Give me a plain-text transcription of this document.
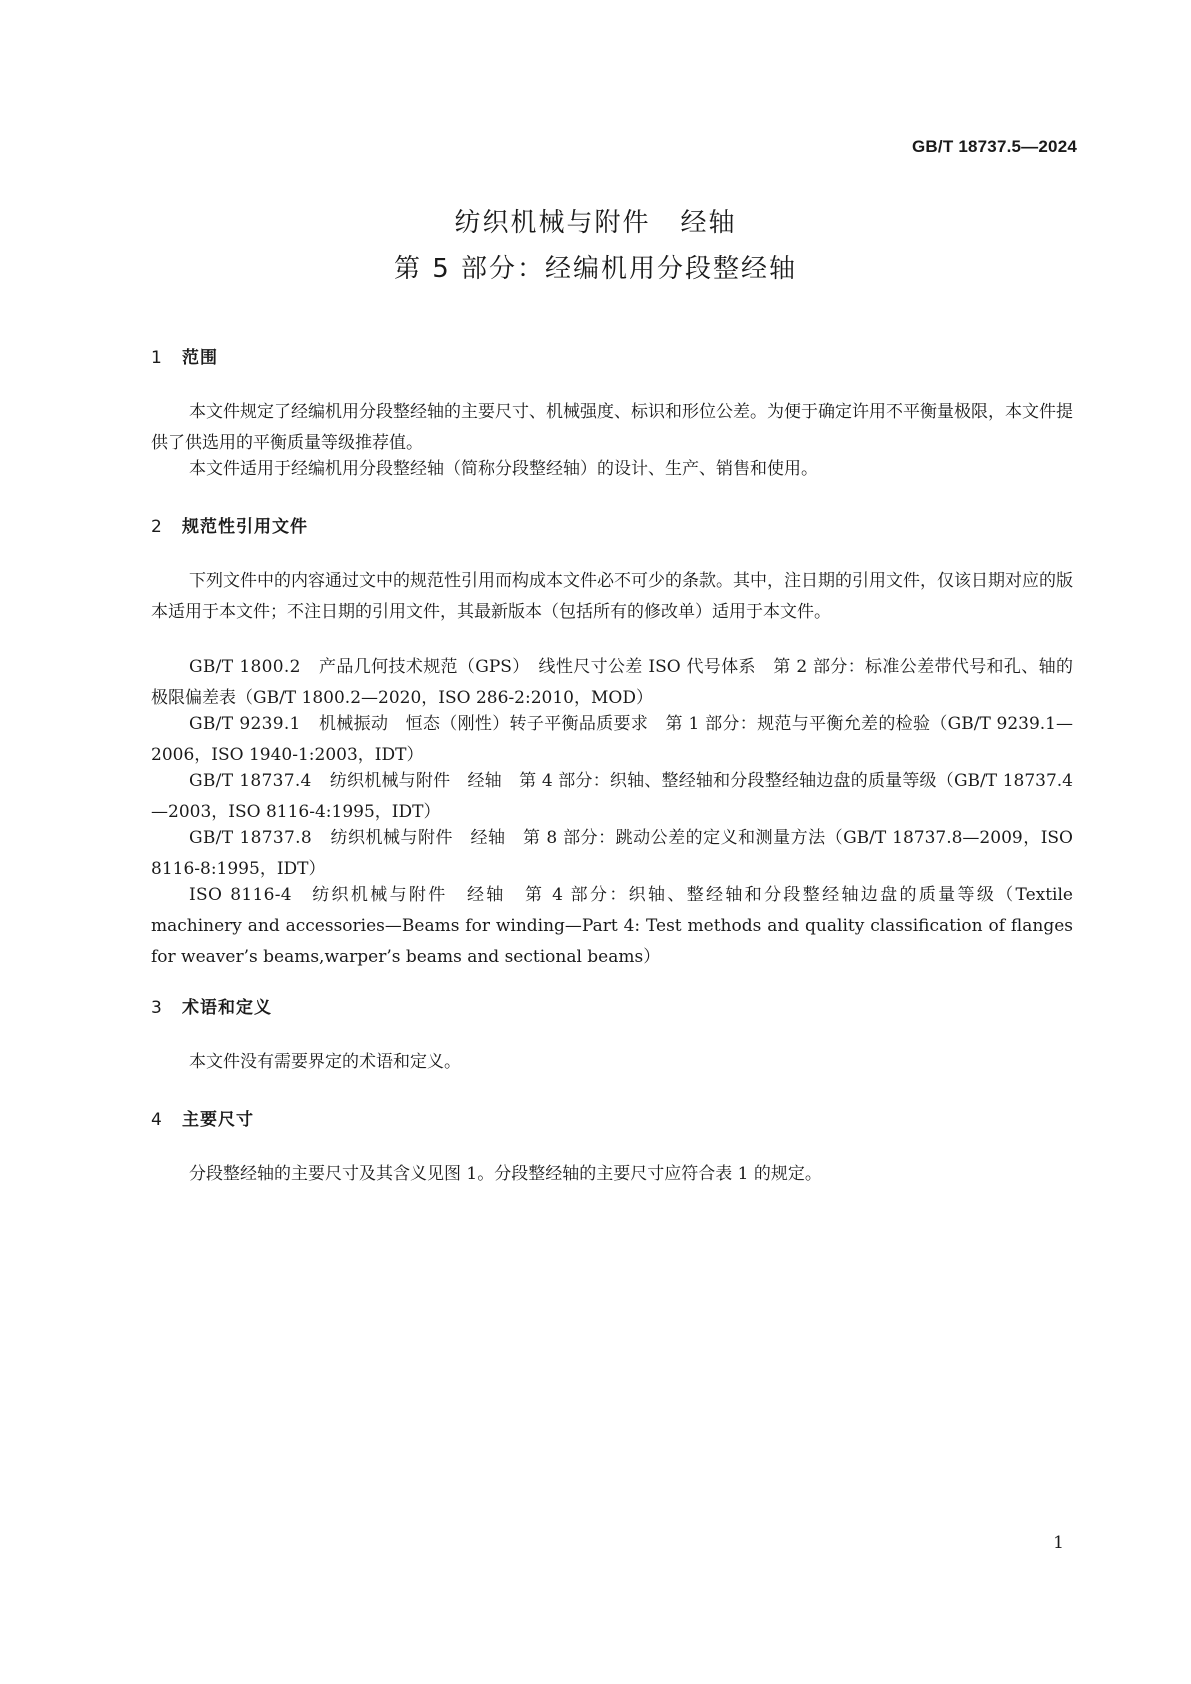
GB/T 18737.5—2024
纺织机械与附件 经轴
第 5 部分：经编机用分段整经轴
1 范围
本文件规定了经编机用分段整经轴的主要尺寸、机械强度、标识和形位公差。为便于确定许用不平衡量极限，本文件提供了供选用的平衡质量等级推荐值。
本文件适用于经编机用分段整经轴（简称分段整经轴）的设计、生产、销售和使用。
2 规范性引用文件
下列文件中的内容通过文中的规范性引用而构成本文件必不可少的条款。其中，注日期的引用文件，仅该日期对应的版本适用于本文件；不注日期的引用文件，其最新版本（包括所有的修改单）适用于本文件。
GB/T 1800.2 产品几何技术规范（GPS）　线性尺寸公差 ISO 代号体系　第 2 部分：标准公差带代号和孔、轴的极限偏差表（GB/T 1800.2—2020，ISO 286-2:2010，MOD）
GB/T 9239.1 机械振动　恒态（刚性）转子平衡品质要求　第 1 部分：规范与平衡允差的检验（GB/T 9239.1—2006，ISO 1940-1:2003，IDT）
GB/T 18737.4 纺织机械与附件　经轴　第 4 部分：织轴、整经轴和分段整经轴边盘的质量等级（GB/T 18737.4—2003，ISO 8116-4:1995，IDT）
GB/T 18737.8 纺织机械与附件　经轴　第 8 部分：跳动公差的定义和测量方法（GB/T 18737.8—2009，ISO 8116-8:1995，IDT）
ISO 8116-4 纺织机械与附件　经轴　第 4 部分：织轴、整经轴和分段整经轴边盘的质量等级（Textile machinery and accessories—Beams for winding—Part 4: Test methods and quality classification of flanges for weaver’s beams,warper’s beams and sectional beams）
3 术语和定义
本文件没有需要界定的术语和定义。
4 主要尺寸
分段整经轴的主要尺寸及其含义见图 1。分段整经轴的主要尺寸应符合表 1 的规定。
1
